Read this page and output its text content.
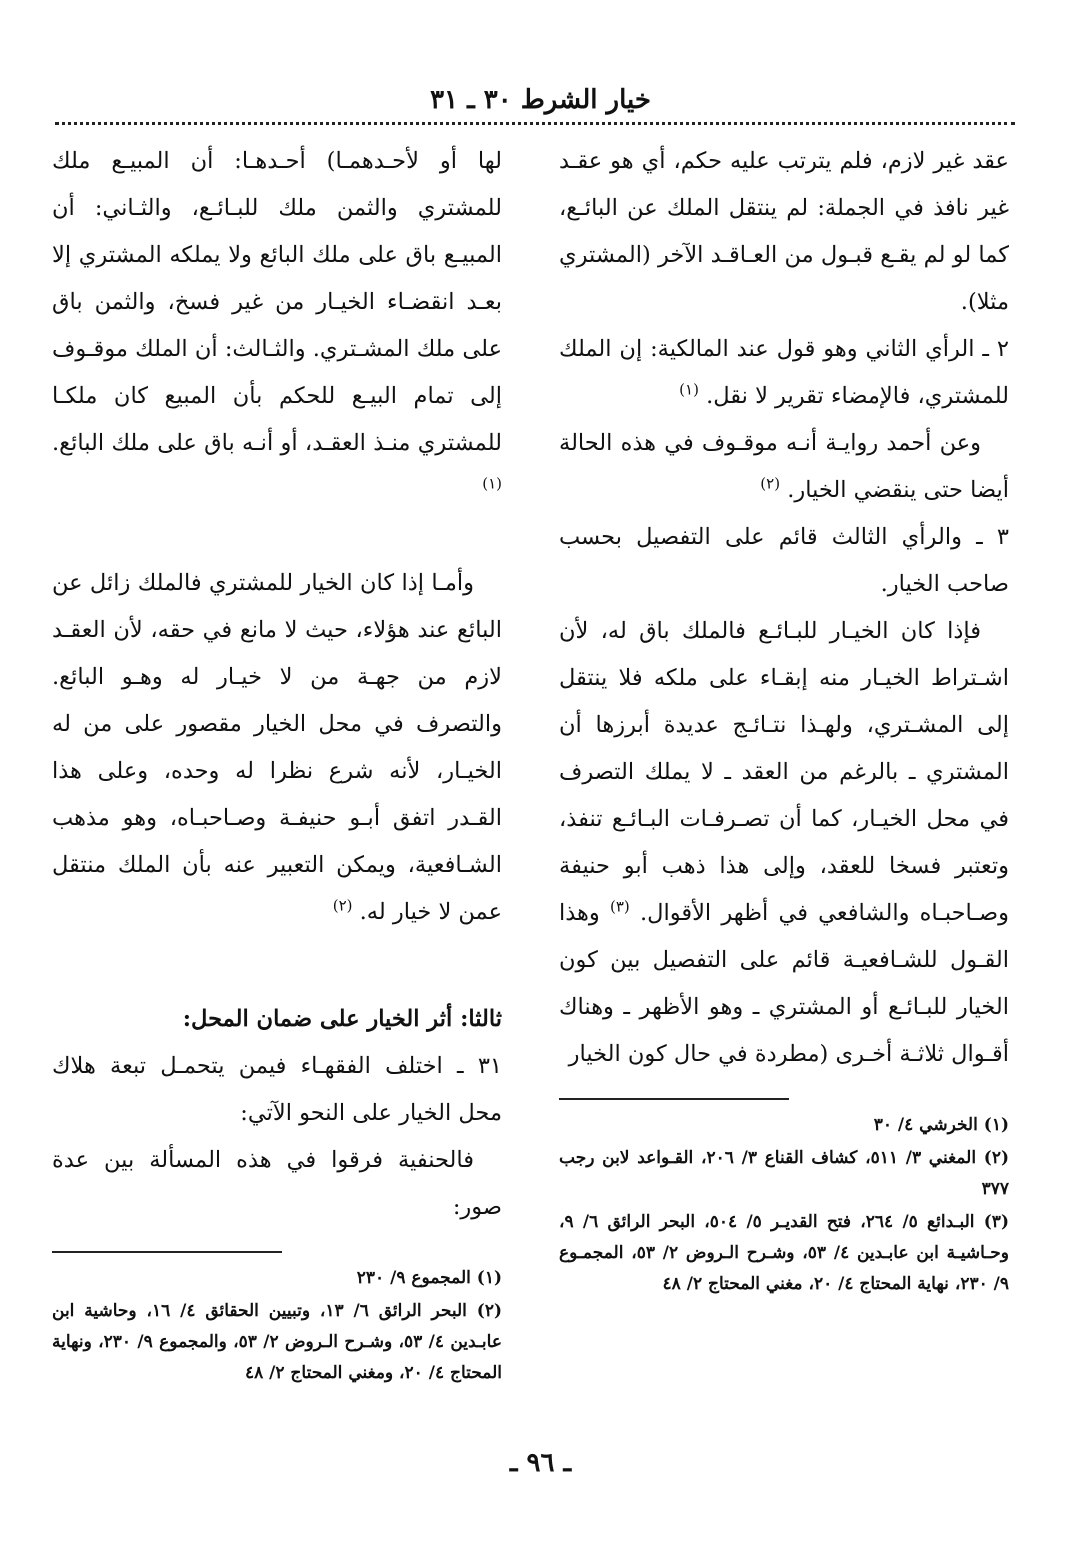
خيار الشرط ٣٠ ـ ٣١

عقد غير لازم، فلم يترتب عليه حكم، أي هو عقـد غير نافذ في الجملة: لم ينتقل الملك عن البائـع، كما لو لم يقـع قبـول من العـاقـد الآخر (المشتري مثلا).

٢ ـ الرأي الثاني وهو قول عند المالكية: إن الملك للمشتري، فالإمضاء تقرير لا نقل. $^{(١)}$

وعن أحمد روايـة أنـه موقـوف في هذه الحالة أيضا حتى ينقضي الخيار. $^{(٢)}$

٣ ـ والرأي الثالث قائم على التفصيل بحسب صاحب الخيار.

فإذا كان الخيـار للبـائـع فالملك باق له، لأن اشـتراط الخيـار منه إبقـاء على ملكه فلا ينتقل إلى المشـتري، ولهـذا نتـائـج عديدة أبرزها أن المشتري ـ بالرغم من العقد ـ لا يملك التصرف في محل الخيـار، كما أن تصـرفـات البـائـع تنفذ، وتعتبر فسخا للعقد، وإلى هذا ذهب أبو حنيفة وصـاحبـاه والشافعي في أظهر الأقوال. $^{(٣)}$ وهذا القـول للشـافعيـة قائم على التفصيل بين كون الخيار للبـائـع أو المشتري ـ وهو الأظهر ـ وهناك أقـوال ثلاثـة أخـرى (مطردة في حال كون الخيار

(١) الخرشي ٤/ ٣٠

(٢) المغني ٣/ ٥١١، كشاف القناع ٣/ ٢٠٦، القـواعد لابن رجب ٣٧٧

(٣) البـدائع ٥/ ٢٦٤، فتح القديـر ٥/ ٥٠٤، البحر الرائق ٦/ ٩، وحـاشيـة ابن عابـدين ٤/ ٥٣، وشـرح الـروض ٢/ ٥٣، المجمـوع ٩/ ٢٣٠، نهاية المحتاج ٤/ ٢٠، مغني المحتاج ٢/ ٤٨

لها أو لأحـدهمـا) أحـدهـا: أن المبيـع ملك للمشتري والثمن ملك للبـائـع، والثـاني: أن المبيـع باق على ملك البائع ولا يملكه المشتري إلا بعـد انقضـاء الخيـار من غير فسخ، والثمن باق على ملك المشـتري. والثـالث: أن الملك موقـوف إلى تمام البيـع للحكم بأن المبيع كان ملكـا للمشتري منـذ العقـد، أو أنـه باق على ملك البائع. $^{(١)}$

وأمـا إذا كان الخيار للمشتري فالملك زائل عن البائع عند هؤلاء، حيث لا مانع في حقه، لأن العقـد لازم من جهـة من لا خيـار له وهـو البائع. والتصرف في محل الخيار مقصور على من له الخيـار، لأنه شرع نظرا له وحده، وعلى هذا القـدر اتفق أبـو حنيفـة وصـاحبـاه، وهو مذهب الشـافعية، ويمكن التعبير عنه بأن الملك منتقل عمن لا خيار له. $^{(٢)}$

ثالثا: أثر الخيار على ضمان المحل:

٣١ ـ اختلف الفقهـاء فيمن يتحمـل تبعة هلاك محل الخيار على النحو الآتي:

فالحنفية فرقوا في هذه المسألة بين عدة صور:

(١) المجموع ٩/ ٢٣٠

(٢) البحر الرائق ٦/ ١٣، وتبيين الحقائق ٤/ ١٦، وحاشية ابن عابـدين ٤/ ٥٣، وشـرح الـروض ٢/ ٥٣، والمجموع ٩/ ٢٣٠، ونهاية المحتاج ٤/ ٢٠، ومغني المحتاج ٢/ ٤٨

ـ ٩٦ ـ
